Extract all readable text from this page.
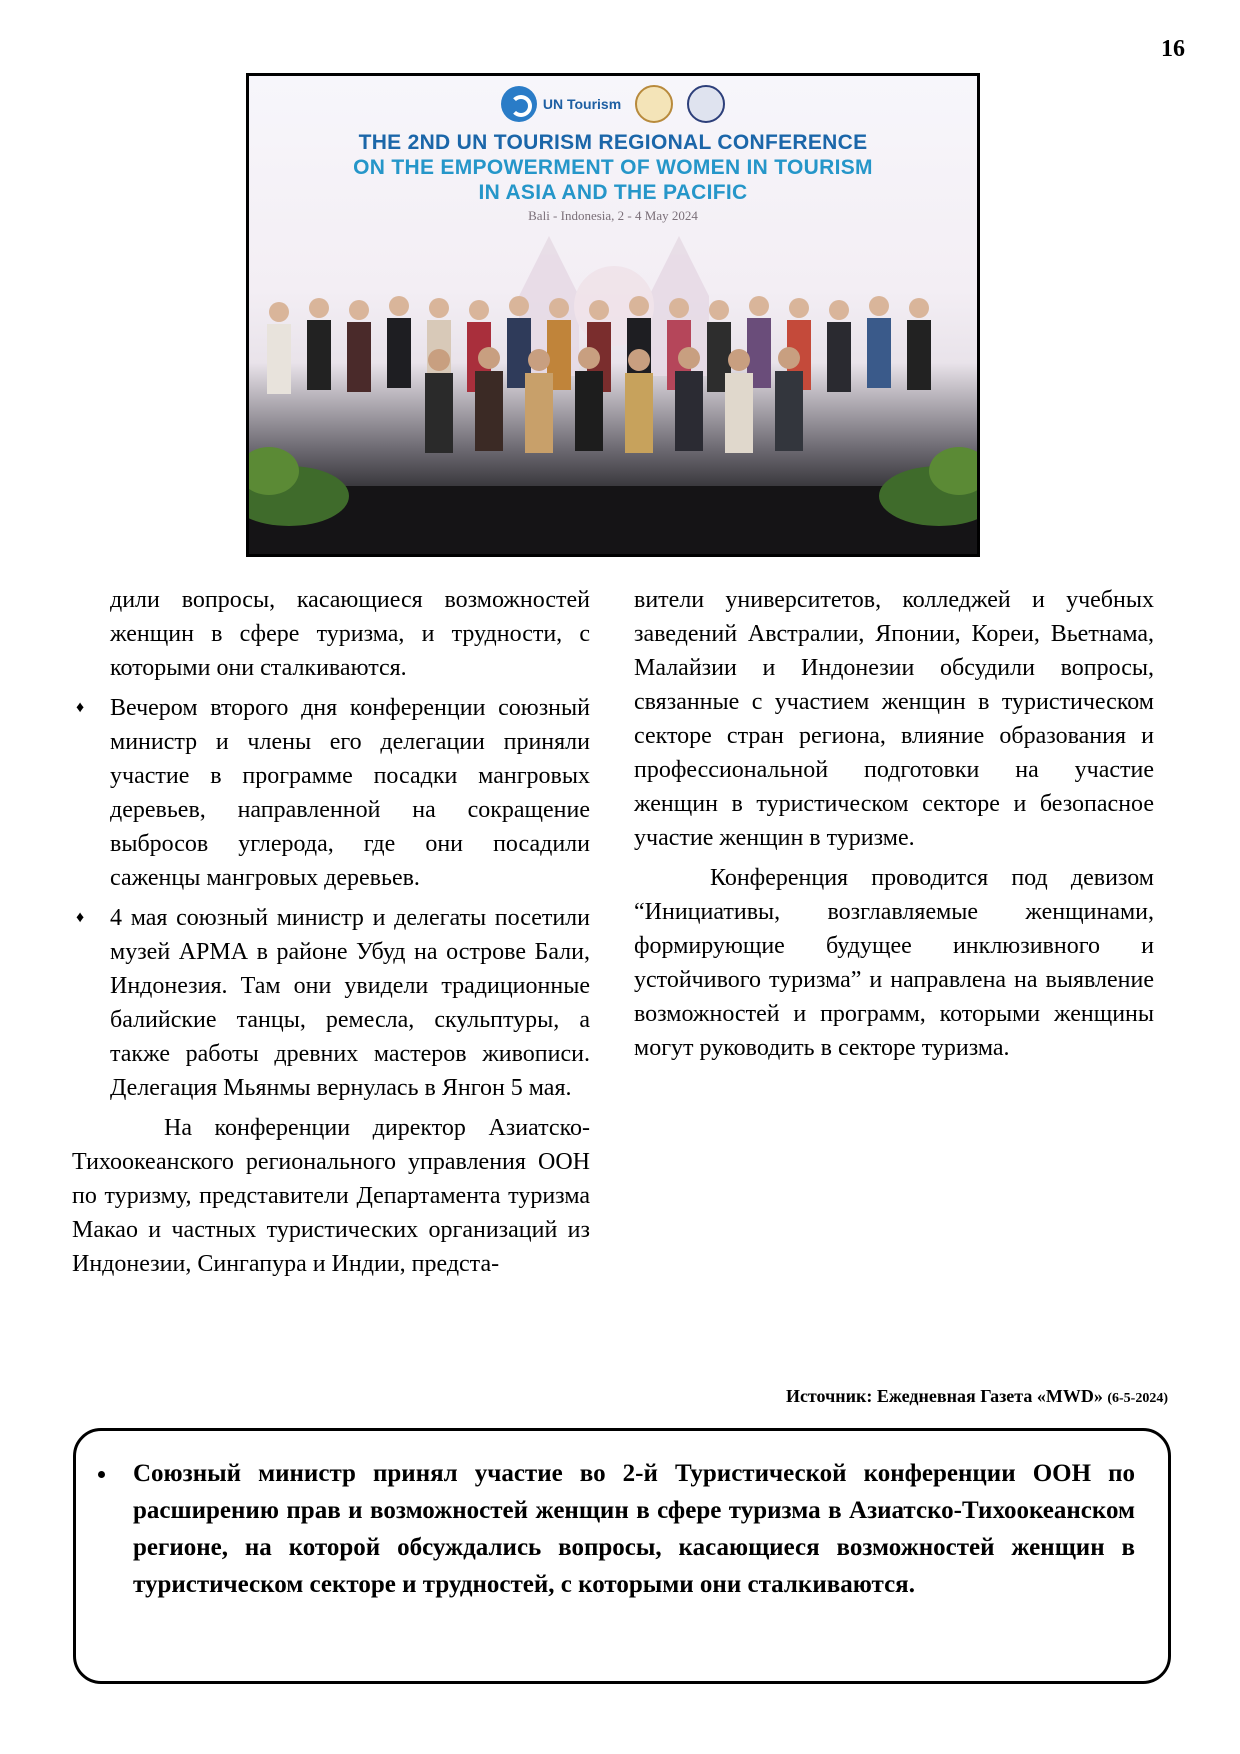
16
UN Tourism
THE 2ND UN TOURISM REGIONAL CONFERENCE
ON THE EMPOWERMENT OF WOMEN IN TOURISM
IN ASIA AND THE PACIFIC
Bali - Indonesia, 2 - 4 May 2024

дили вопросы, касающиеся возможностей женщин в сфере туризма, и трудности, с которыми они сталкиваются.

♦ Вечером второго дня конференции союзный министр и члены его делегации приняли участие в программе посадки мангровых деревьев, направленной на сокращение выбросов углерода, где они посадили саженцы мангровых деревьев.

♦ 4 мая союзный министр и делегаты посетили музей АРМА в районе Убуд на острове Бали, Индонезия. Там они увидели традиционные балийские танцы, ремесла, скульптуры, а также работы древних мастеров живописи. Делегация Мьянмы вернулась в Янгон 5 мая.

На конференции директор Азиатско-Тихоокеанского регионального управления ООН по туризму, представители Департамента туризма Макао и частных туристических организаций из Индонезии, Сингапура и Индии, предста-

вители университетов, колледжей и учебных заведений Австралии, Японии, Кореи, Вьетнама, Малайзии и Индонезии обсудили вопросы, связанные с участием женщин в туристическом секторе стран региона, влияние образования и профессиональной подготовки на участие женщин в туристическом секторе и безопасное участие женщин в туризме.

Конференция проводится под девизом “Инициативы, возглавляемые женщинами, формирующие будущее инклюзивного и устойчивого туризма” и направлена на выявление возможностей и программ, которыми женщины могут руководить в секторе туризма.

Источник: Ежедневная Газета «MWD» (6-5-2024)
Союзный министр принял участие во 2-й Туристической конференции ООН по расширению прав и возможностей женщин в сфере туризма в Азиатско-Тихоокеанском регионе, на которой обсуждались вопросы, касающиеся возможностей женщин в туристическом секторе и трудностей, с которыми они сталкиваются.
